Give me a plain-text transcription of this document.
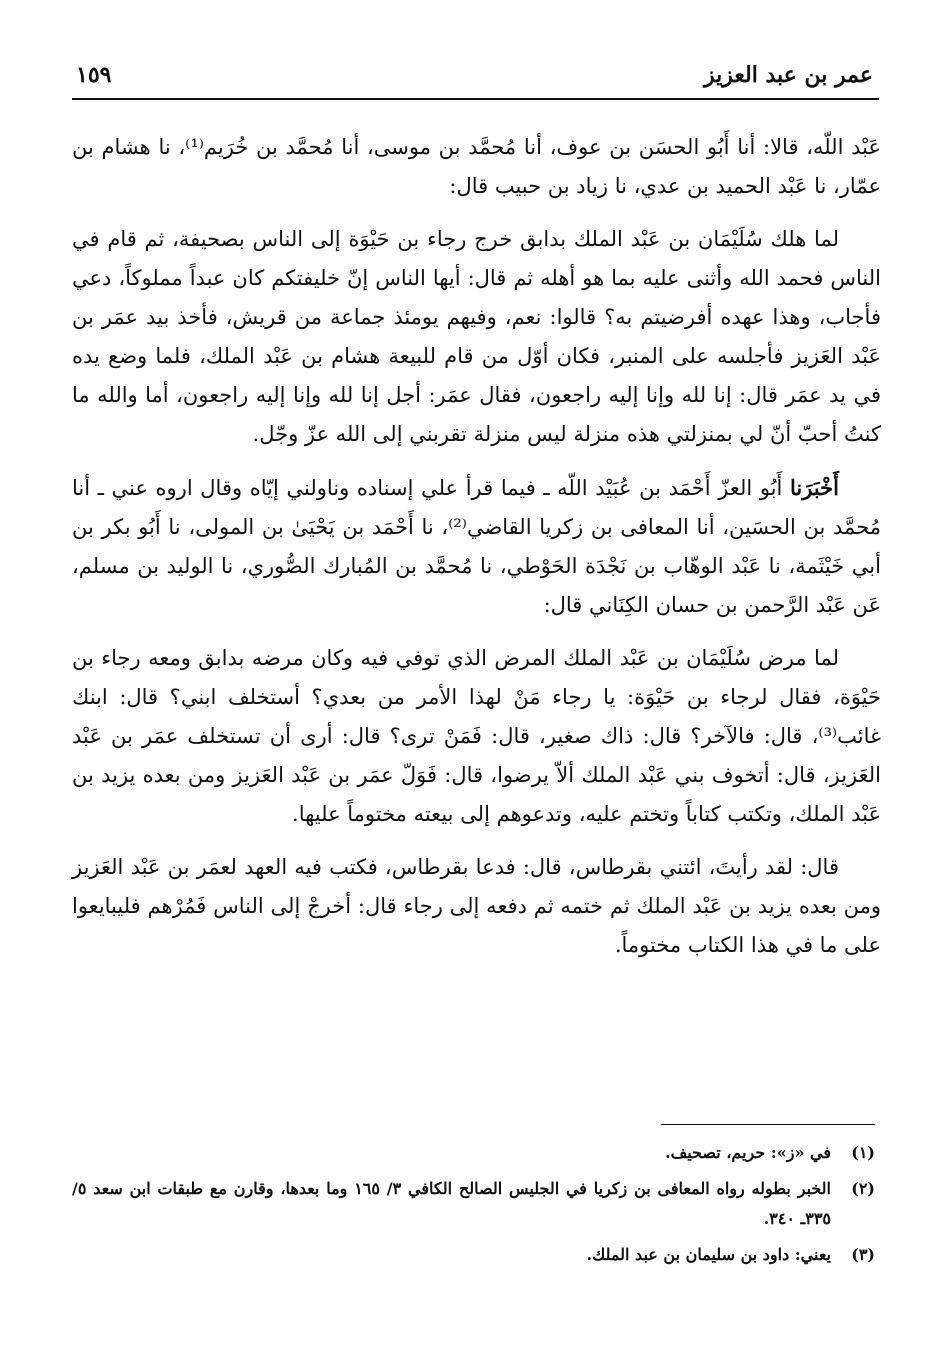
عمر بن عبد العزيز
١٥٩

عَبْد اللّه، قالا: أنا أَبُو الحسَن بن عوف، أنا مُحمَّد بن موسى، أنا مُحمَّد بن خُرَيم⁽¹⁾، نا هشام بن عمّار، نا عَبْد الحميد بن عدي، نا زياد بن حبيب قال:

لما هلك سُلَيْمَان بن عَبْد الملك بدابق خرج رجاء بن حَيْوَة إلى الناس بصحيفة، ثم قام في الناس فحمد الله وأثنى عليه بما هو أهله ثم قال: أيها الناس إنّ خليفتكم كان عبداً مملوكاً، دعي فأجاب، وهذا عهده أفرضيتم به؟ قالوا: نعم، وفيهم يومئذ جماعة من قريش، فأخذ بيد عمَر بن عَبْد العَزيز فأجلسه على المنبر، فكان أوّل من قام للبيعة هشام بن عَبْد الملك، فلما وضع يده في يد عمَر قال: إنا لله وإنا إليه راجعون، فقال عمَر: أجل إنا لله وإنا إليه راجعون، أما والله ما كنتُ أحبّ أنّ لي بمنزلتي هذه منزلة ليس منزلة تقربني إلى الله عزّ وجّل.

أَخْبَرَنا أَبُو العزّ أَحْمَد بن عُبَيْد اللّه ـ فيما قرأ علي إسناده وناولني إيّاه وقال اروه عني ـ أنا مُحمَّد بن الحسَين، أنا المعافى بن زكريا القاضي⁽²⁾، نا أَحْمَد بن يَحْيَىٰ بن المولى، نا أَبُو بكر بن أبي خَيْثَمة، نا عَبْد الوهّاب بن نَجْدَة الحَوْطي، نا مُحمَّد بن المُبارك الصُّوري، نا الوليد بن مسلم، عَن عَبْد الرَّحمن بن حسان الكِنَاني قال:

لما مرض سُلَيْمَان بن عَبْد الملك المرض الذي توفي فيه وكان مرضه بدابق ومعه رجاء بن حَيْوَة، فقال لرجاء بن حَيْوَة: يا رجاء مَنْ لهذا الأمر من بعدي؟ أستخلف ابني؟ قال: ابنك غائب⁽³⁾، قال: فالآخر؟ قال: ذاك صغير، قال: فَمَنْ ترى؟ قال: أرى أن تستخلف عمَر بن عَبْد العَزيز، قال: أتخوف بني عَبْد الملك ألاّ يرضوا، قال: فَوَلّ عمَر بن عَبْد العَزيز ومن بعده يزيد بن عَبْد الملك، وتكتب كتاباً وتختم عليه، وتدعوهم إلى بيعته مختوماً عليها.

قال: لقد رأيتَ، ائتني بقرطاس، قال: فدعا بقرطاس، فكتب فيه العهد لعمَر بن عَبْد العَزيز ومن بعده يزيد بن عَبْد الملك ثم ختمه ثم دفعه إلى رجاء قال: أخرجْ إلى الناس فَمُرْهم فليبايعوا على ما في هذا الكتاب مختوماً.

(١)
في «ز»: حريم، تصحيف.
(٢)
الخبر بطوله رواه المعافى بن زكريا في الجليس الصالح الكافي ٣/ ١٦٥ وما بعدها، وقارن مع طبقات ابن سعد ٥/ ٣٣٥ـ ٣٤٠.
(٣)
يعني: داود بن سليمان بن عبد الملك.
